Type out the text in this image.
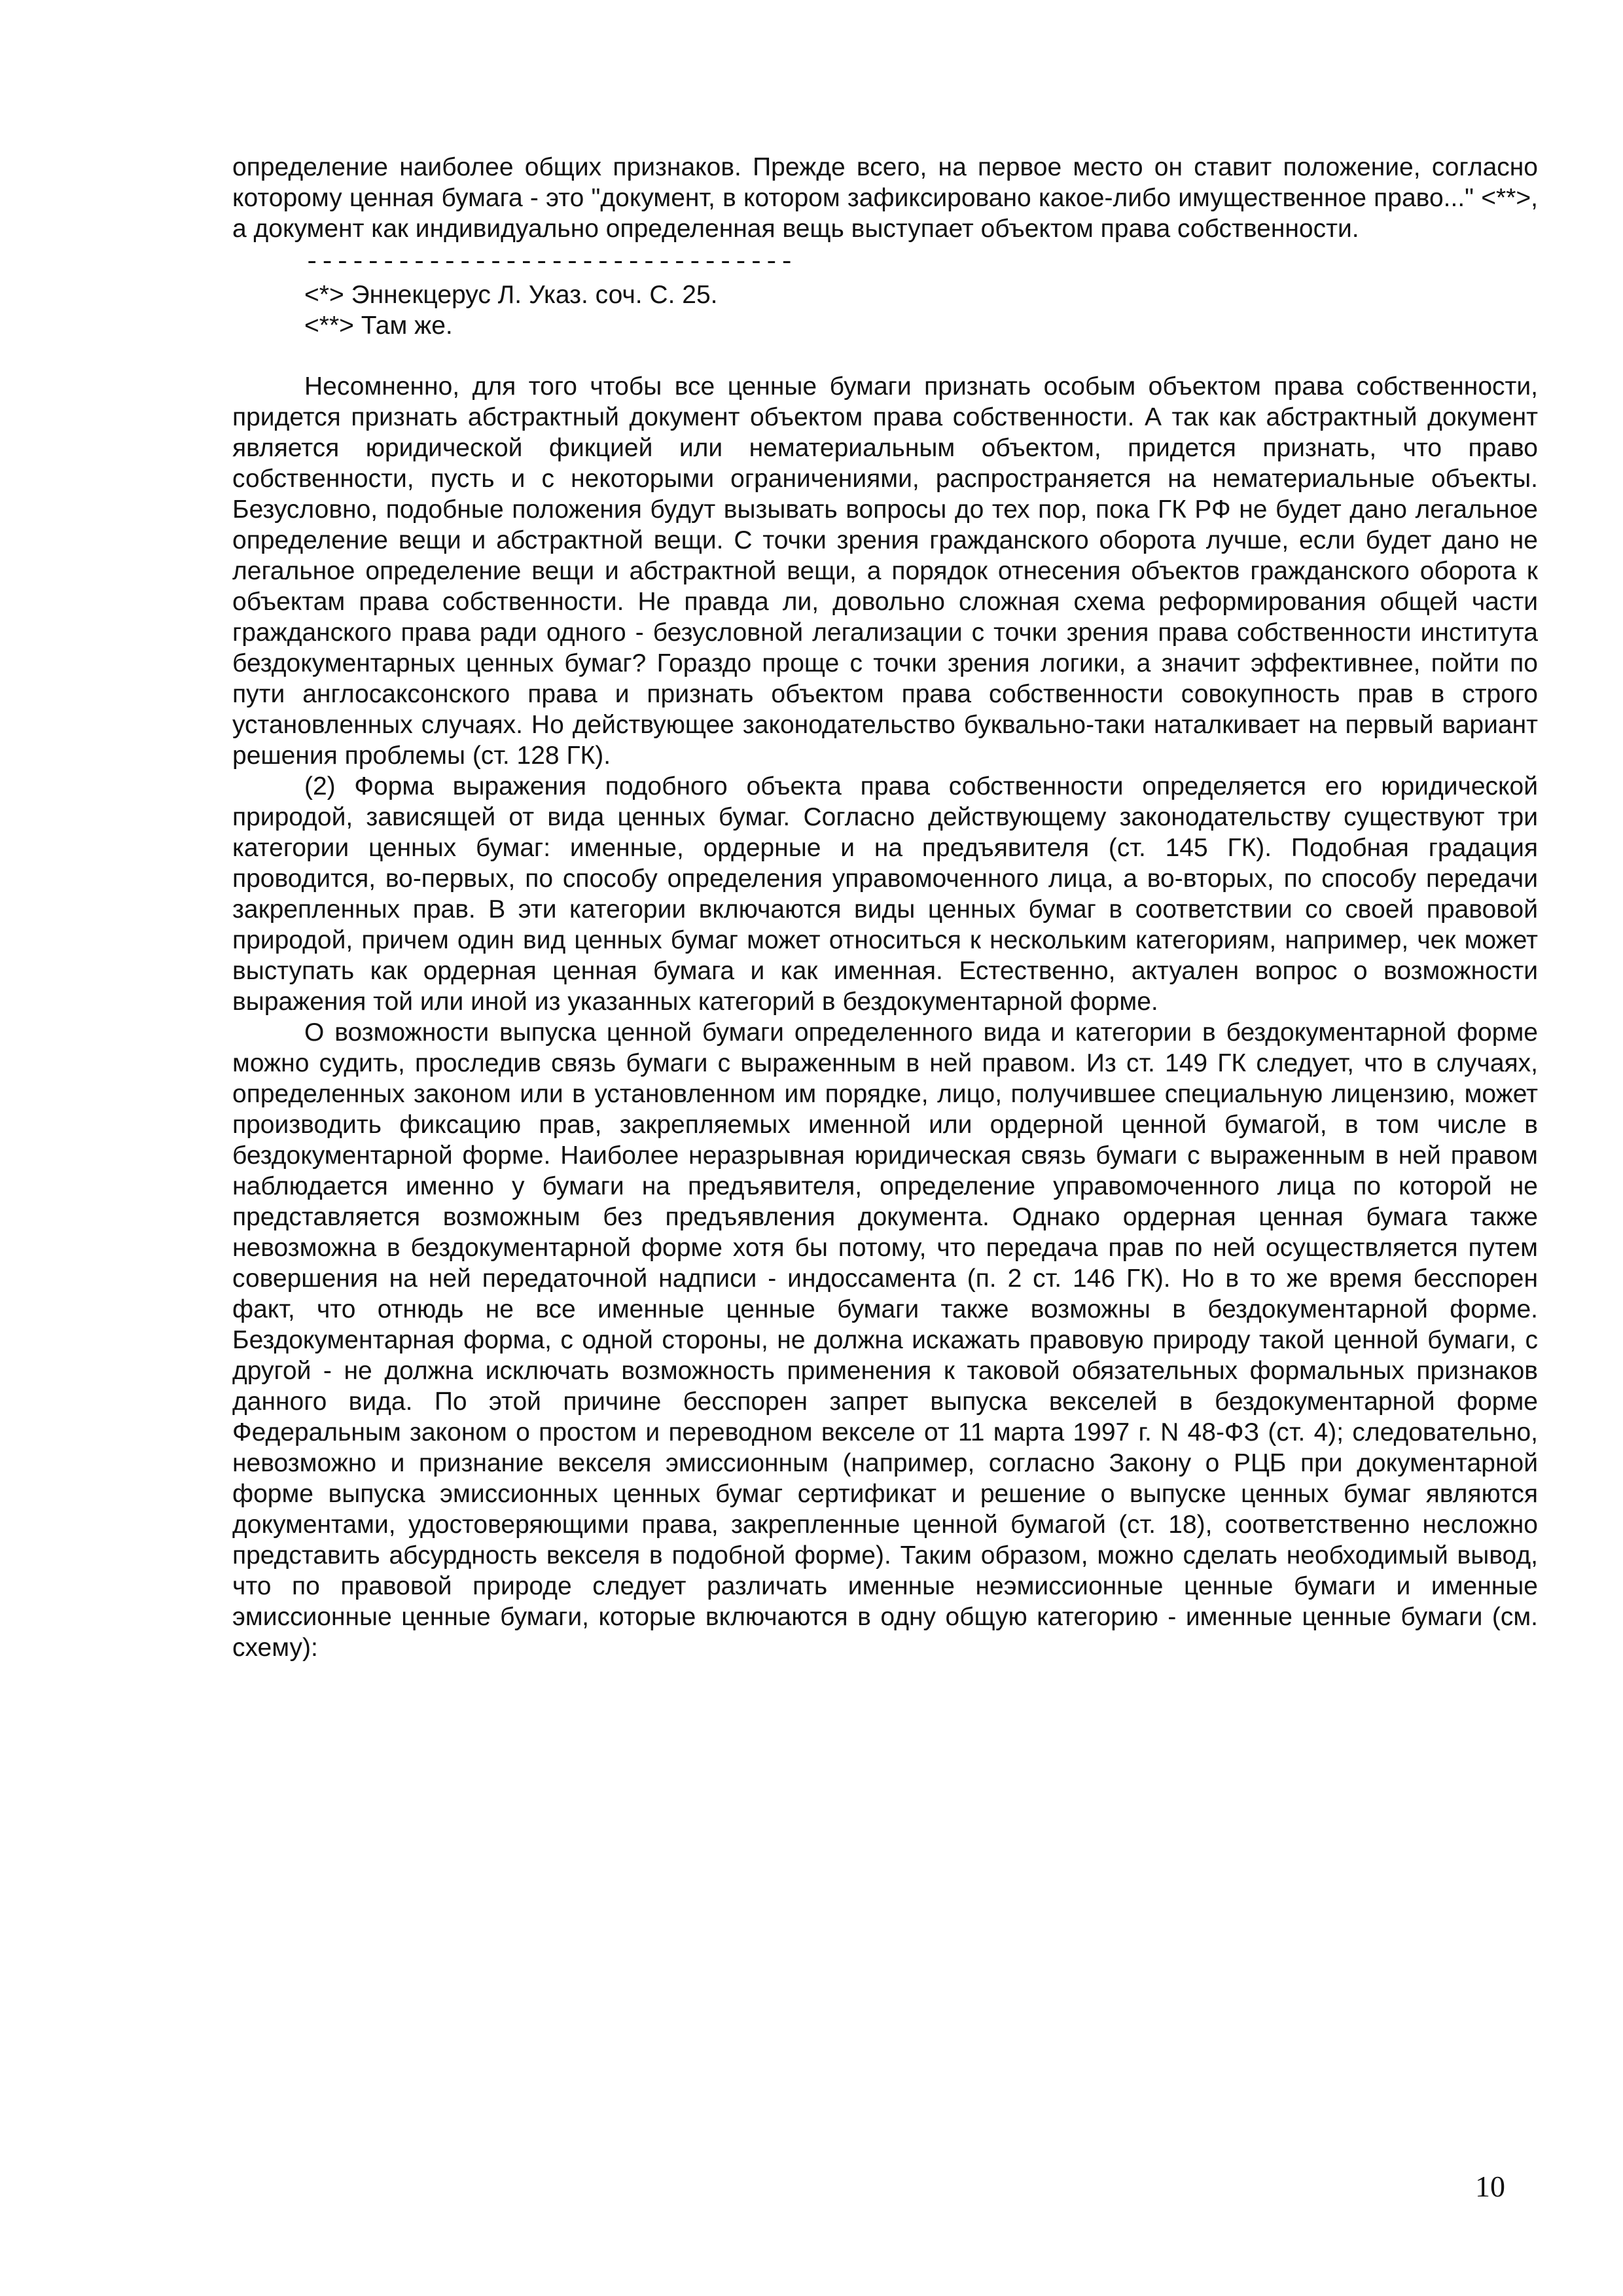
определение наиболее общих признаков. Прежде всего, на первое место он ставит положение, согласно которому ценная бумага - это "документ, в котором зафиксировано какое-либо имущественное право..." <**>, а документ как индивидуально определенная вещь выступает объектом права собственности.

--------------------------------

<*> Эннекцерус Л. Указ. соч. С. 25.

<**> Там же.

Несомненно, для того чтобы все ценные бумаги признать особым объектом права собственности, придется признать абстрактный документ объектом права собственности. А так как абстрактный документ является юридической фикцией или нематериальным объектом, придется признать, что право собственности, пусть и с некоторыми ограничениями, распространяется на нематериальные объекты. Безусловно, подобные положения будут вызывать вопросы до тех пор, пока ГК РФ не будет дано легальное определение вещи и абстрактной вещи. С точки зрения гражданского оборота лучше, если будет дано не легальное определение вещи и абстрактной вещи, а порядок отнесения объектов гражданского оборота к объектам права собственности. Не правда ли, довольно сложная схема реформирования общей части гражданского права ради одного - безусловной легализации с точки зрения права собственности института бездокументарных ценных бумаг? Гораздо проще с точки зрения логики, а значит эффективнее, пойти по пути англосаксонского права и признать объектом права собственности совокупность прав в строго установленных случаях. Но действующее законодательство буквально-таки наталкивает на первый вариант решения проблемы (ст. 128 ГК).

(2) Форма выражения подобного объекта права собственности определяется его юридической природой, зависящей от вида ценных бумаг. Согласно действующему законодательству существуют три категории ценных бумаг: именные, ордерные и на предъявителя (ст. 145 ГК). Подобная градация проводится, во-первых, по способу определения управомоченного лица, а во-вторых, по способу передачи закрепленных прав. В эти категории включаются виды ценных бумаг в соответствии со своей правовой природой, причем один вид ценных бумаг может относиться к нескольким категориям, например, чек может выступать как ордерная ценная бумага и как именная. Естественно, актуален вопрос о возможности выражения той или иной из указанных категорий в бездокументарной форме.

О возможности выпуска ценной бумаги определенного вида и категории в бездокументарной форме можно судить, проследив связь бумаги с выраженным в ней правом. Из ст. 149 ГК следует, что в случаях, определенных законом или в установленном им порядке, лицо, получившее специальную лицензию, может производить фиксацию прав, закрепляемых именной или ордерной ценной бумагой, в том числе в бездокументарной форме. Наиболее неразрывная юридическая связь бумаги с выраженным в ней правом наблюдается именно у бумаги на предъявителя, определение управомоченного лица по которой не представляется возможным без предъявления документа. Однако ордерная ценная бумага также невозможна в бездокументарной форме хотя бы потому, что передача прав по ней осуществляется путем совершения на ней передаточной надписи - индоссамента (п. 2 ст. 146 ГК). Но в то же время бесспорен факт, что отнюдь не все именные ценные бумаги также возможны в бездокументарной форме. Бездокументарная форма, с одной стороны, не должна искажать правовую природу такой ценной бумаги, с другой - не должна исключать возможность применения к таковой обязательных формальных признаков данного вида. По этой причине бесспорен запрет выпуска векселей в бездокументарной форме Федеральным законом о простом и переводном векселе от 11 марта 1997 г. N 48-ФЗ (ст. 4); следовательно, невозможно и признание векселя эмиссионным (например, согласно Закону о РЦБ при документарной форме выпуска эмиссионных ценных бумаг сертификат и решение о выпуске ценных бумаг являются документами, удостоверяющими права, закрепленные ценной бумагой (ст. 18), соответственно несложно представить абсурдность векселя в подобной форме). Таким образом, можно сделать необходимый вывод, что по правовой природе следует различать именные неэмиссионные ценные бумаги и именные эмиссионные ценные бумаги, которые включаются в одну общую категорию - именные ценные бумаги (см. схему):

10
